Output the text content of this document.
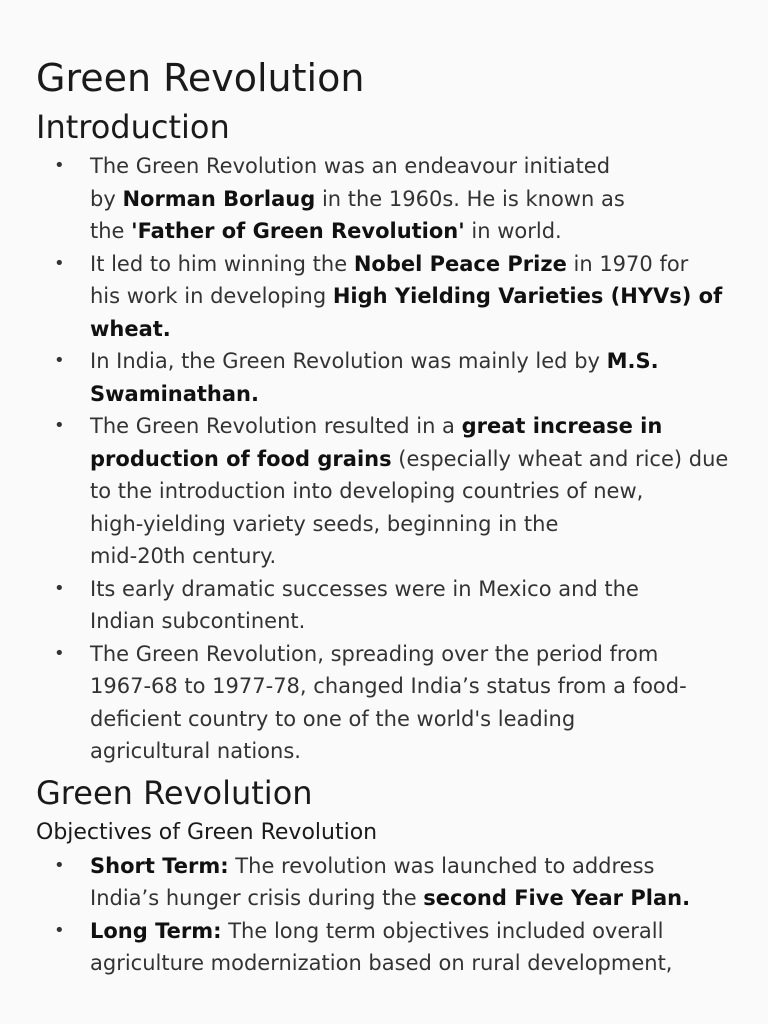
Green Revolution
Introduction
• The Green Revolution was an endeavour initiated
by Norman Borlaug in the 1960s. He is known as
the 'Father of Green Revolution' in world.
• It led to him winning the Nobel Peace Prize in 1970 for
his work in developing High Yielding Varieties (HYVs) of
wheat.
• In India, the Green Revolution was mainly led by M.S.
Swaminathan.
• The Green Revolution resulted in a great increase in
production of food grains (especially wheat and rice) due
to the introduction into developing countries of new,
high-yielding variety seeds, beginning in the
mid-20th century.
• Its early dramatic successes were in Mexico and the
Indian subcontinent.
• The Green Revolution, spreading over the period from
1967-68 to 1977-78, changed India’s status from a food-
deficient country to one of the world's leading
agricultural nations.
Green Revolution
Objectives of Green Revolution
• Short Term: The revolution was launched to address
India’s hunger crisis during the second Five Year Plan.
• Long Term: The long term objectives included overall
agriculture modernization based on rural development,
